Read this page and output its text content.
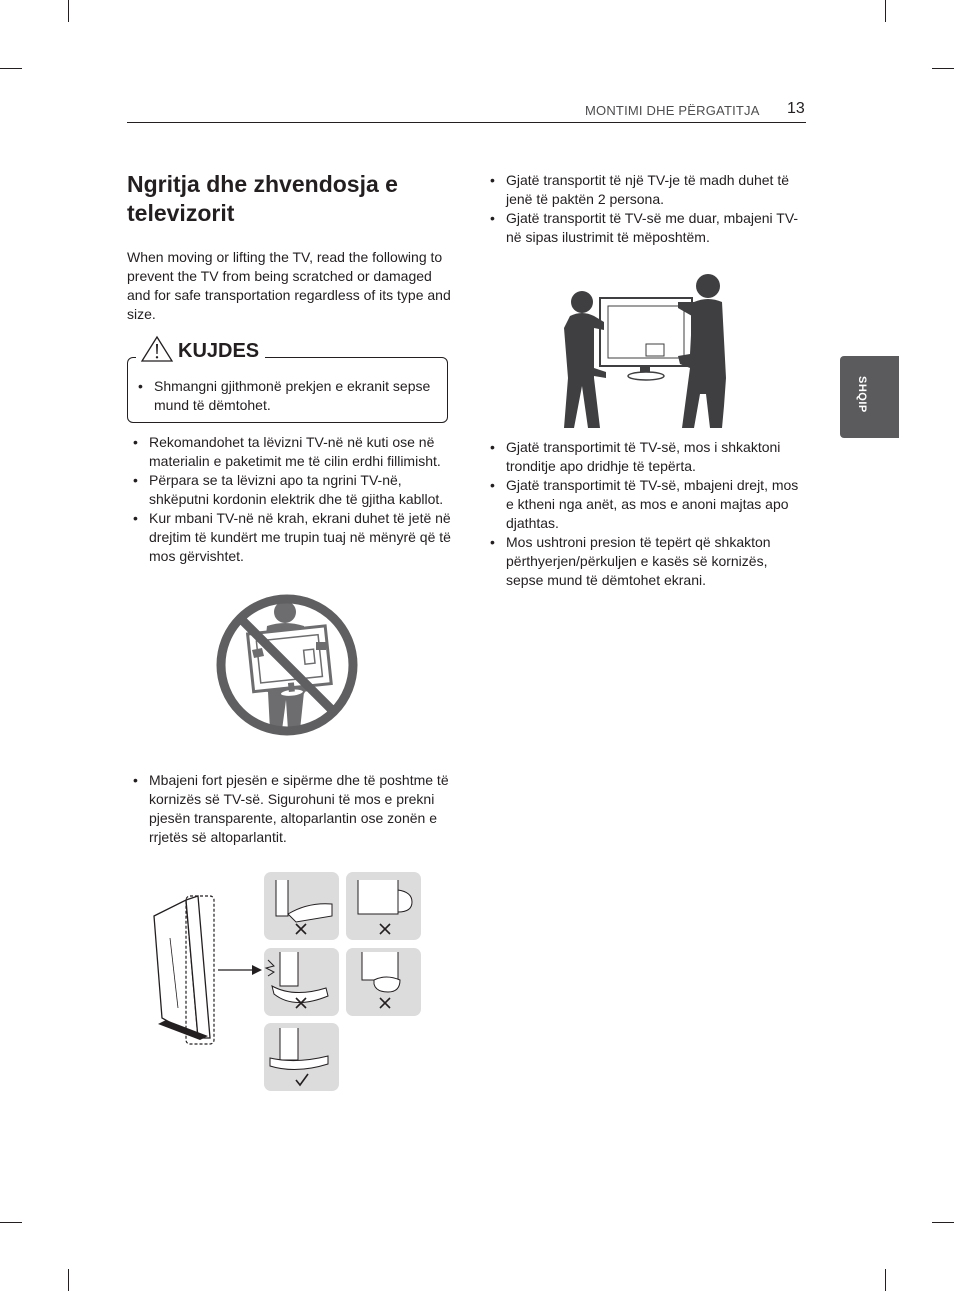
MONTIMI DHE PËRGATITJA 13
SHQIP
Ngritja dhe zhvendosja e televizorit

When moving or lifting the TV, read the following to prevent the TV from being scratched or damaged and for safe transportation regardless of its type and size.

KUJDES
• Shmangni gjithmonë prekjen e ekranit sepse mund të dëmtohet.
• Rekomandohet ta lëvizni TV-në në kuti ose në materialin e paketimit me të cilin erdhi fillimisht.
• Përpara se ta lëvizni apo ta ngrini TV-në, shkëputni kordonin elektrik dhe të gjitha kabllot.
• Kur mbani TV-në në krah, ekrani duhet të jetë në drejtim të kundërt me trupin tuaj në mënyrë që të mos gërvishtet.
• Mbajeni fort pjesën e sipërme dhe të poshtme të kornizës së TV-së. Sigurohuni të mos e prekni pjesën transparente, altoparlantin ose zonën e rrjetës së altoparlantit.
• Gjatë transportit të një TV-je të madh duhet të jenë të paktën 2 persona.
• Gjatë transportit të TV-së me duar, mbajeni TV-në sipas ilustrimit të mëposhtëm.
• Gjatë transportimit të TV-së, mos i shkaktoni tronditje apo dridhje të tepërta.
• Gjatë transportimit të TV-së, mbajeni drejt, mos e ktheni nga anët, as mos e anoni majtas apo djathtas.
• Mos ushtroni presion të tepërt që shkakton përthyerjen/përkuljen e kasës së kornizës, sepse mund të dëmtohet ekrani.
